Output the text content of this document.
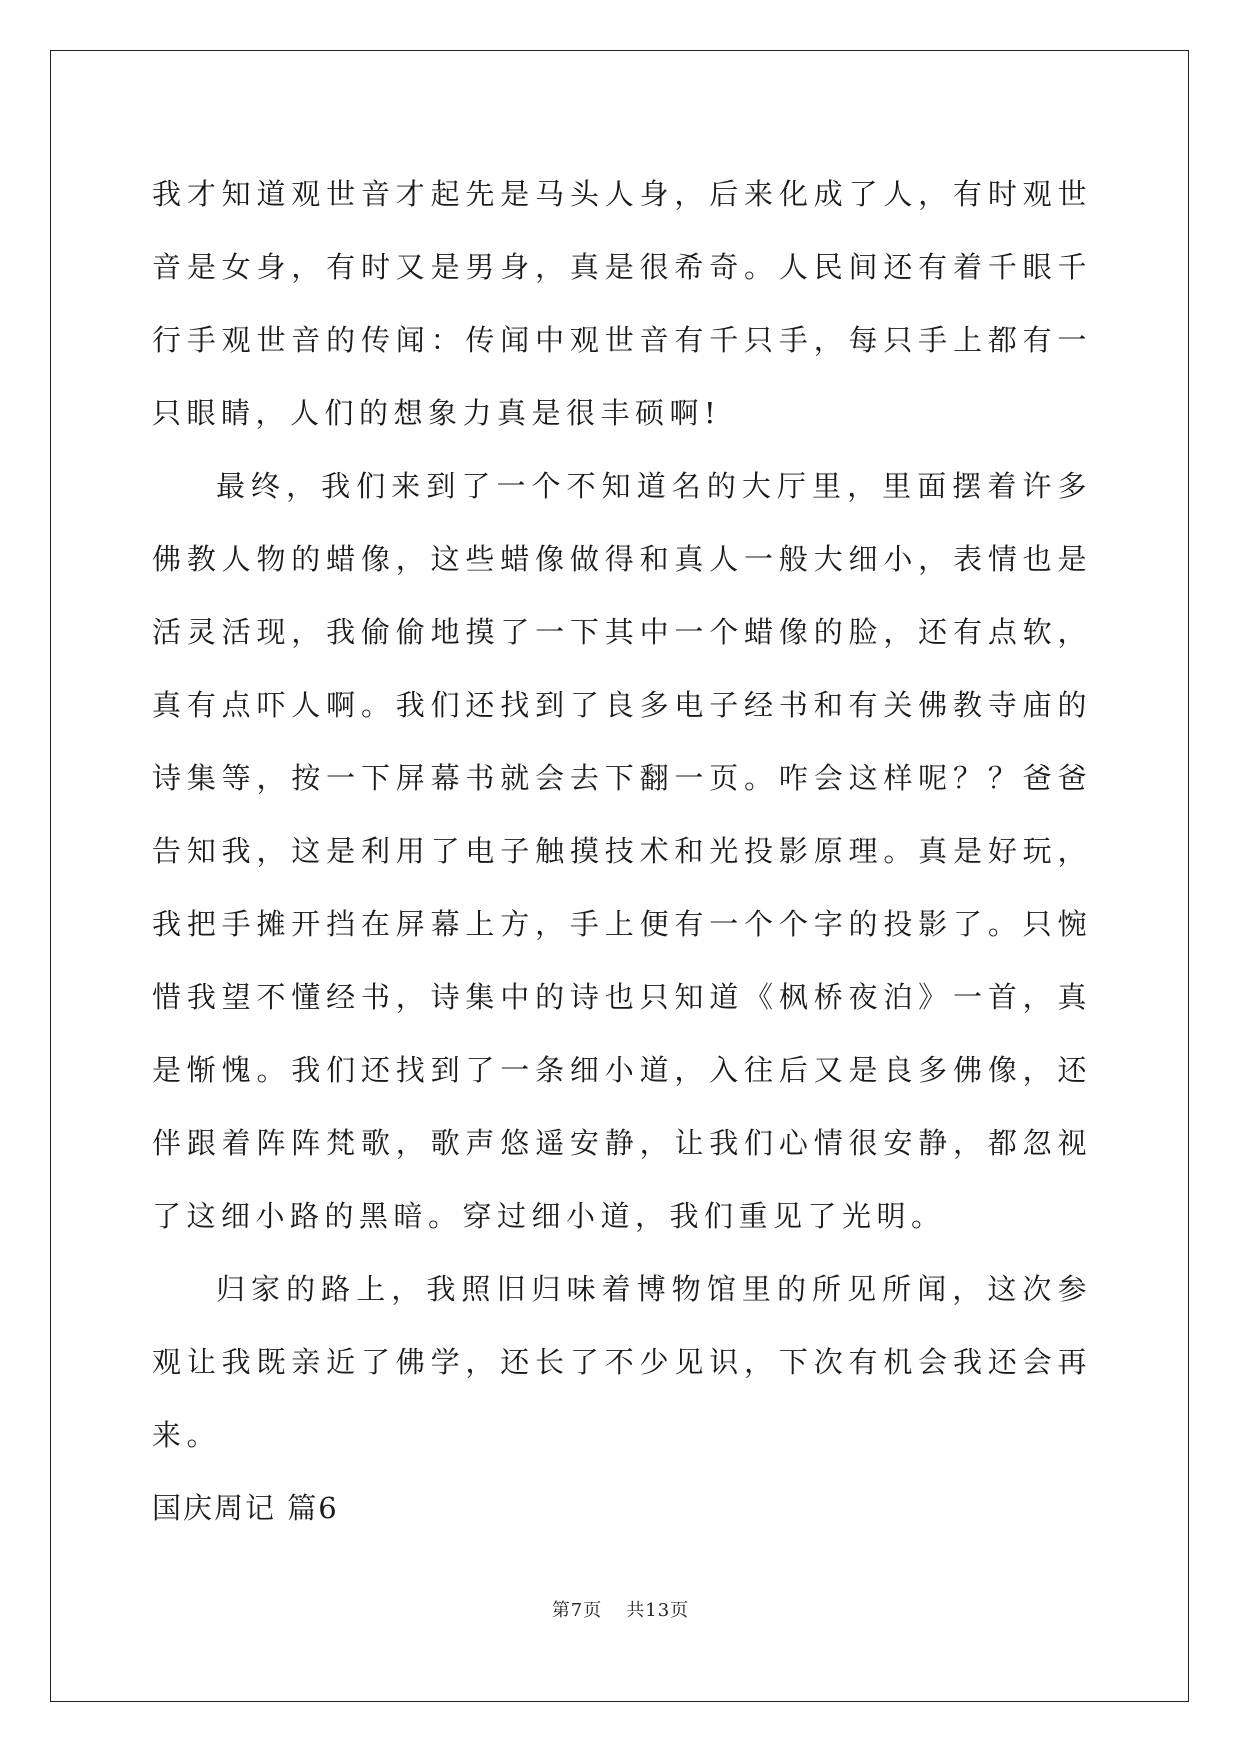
我才知道观世音才起先是马头人身，后来化成了人，有时观世音是女身，有时又是男身，真是很希奇。人民间还有着千眼千行手观世音的传闻：传闻中观世音有千只手，每只手上都有一只眼睛，人们的想象力真是很丰硕啊!

最终，我们来到了一个不知道名的大厅里，里面摆着许多佛教人物的蜡像，这些蜡像做得和真人一般大细小，表情也是活灵活现，我偷偷地摸了一下其中一个蜡像的脸，还有点软，真有点吓人啊。我们还找到了良多电子经书和有关佛教寺庙的诗集等，按一下屏幕书就会去下翻一页。咋会这样呢？？爸爸告知我，这是利用了电子触摸技术和光投影原理。真是好玩，我把手摊开挡在屏幕上方，手上便有一个个字的投影了。只惋惜我望不懂经书，诗集中的诗也只知道《枫桥夜泊》一首，真是惭愧。我们还找到了一条细小道，入往后又是良多佛像，还伴跟着阵阵梵歌，歌声悠遥安静，让我们心情很安静，都忽视了这细小路的黑暗。穿过细小道，我们重见了光明。

归家的路上，我照旧归味着博物馆里的所见所闻，这次参观让我既亲近了佛学，还长了不少见识，下次有机会我还会再来。

国庆周记 篇6

第7页 共13页
